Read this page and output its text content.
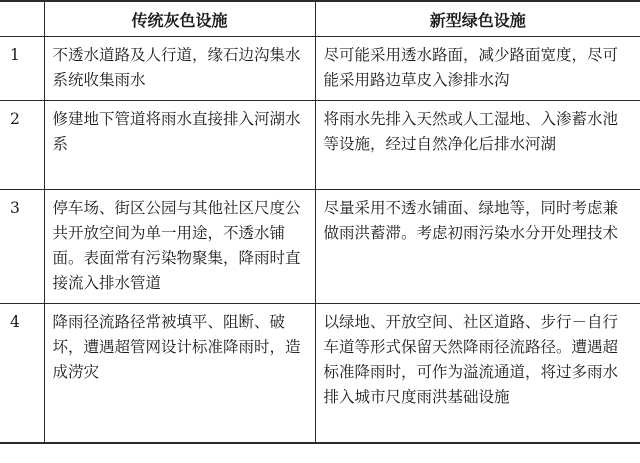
	传统灰色设施	新型绿色设施
1	不透水道路及人行道，缘石边沟集水系统收集雨水	尽可能采用透水路面，减少路面宽度，尽可能采用路边草皮入渗排水沟
2	修建地下管道将雨水直接排入河湖水系	将雨水先排入天然或人工湿地、入渗蓄水池等设施，经过自然净化后排水河湖
3	停车场、街区公园与其他社区尺度公共开放空间为单一用途，不透水铺面。表面常有污染物聚集，降雨时直接流入排水管道	尽量采用不透水铺面、绿地等，同时考虑兼做雨洪蓄滞。考虑初雨污染水分开处理技术
4	降雨径流路径常被填平、阻断、破坏，遭遇超管网设计标准降雨时，造成涝灾	以绿地、开放空间、社区道路、步行－自行车道等形式保留天然降雨径流路径。遭遇超标准降雨时，可作为溢流通道，将过多雨水排入城市尺度雨洪基础设施
